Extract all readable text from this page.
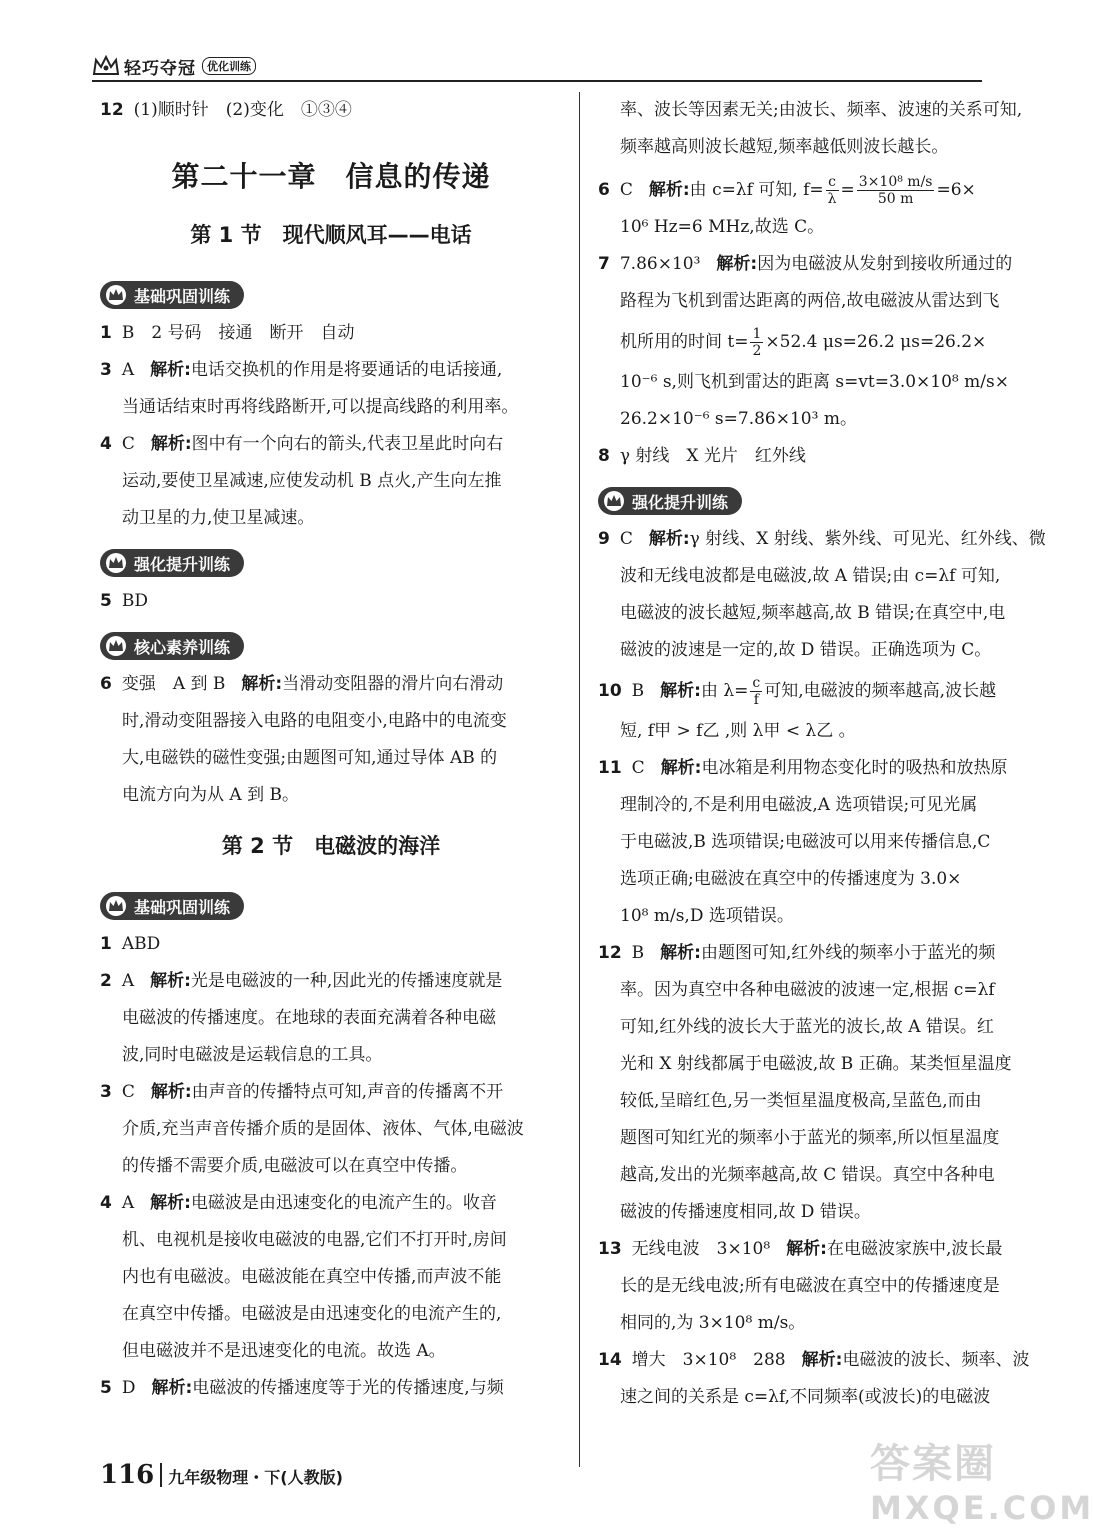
轻巧夺冠	优化训练

12 (1)顺时针　(2)变化　①③④

第二十一章　信息的传递
第 1 节　现代顺风耳——电话
基础巩固训练

1 B　2 号码　接通　断开　自动

3 A 解析:电话交换机的作用是将要通话的电话接通,

当通话结束时再将线路断开,可以提高线路的利用率。

4 C 解析:图中有一个向右的箭头,代表卫星此时向右

运动,要使卫星减速,应使发动机 B 点火,产生向左推

动卫星的力,使卫星减速。

强化提升训练

5 BD

核心素养训练

6 变强　A 到 B 解析:当滑动变阻器的滑片向右滑动

时,滑动变阻器接入电路的电阻变小,电路中的电流变

大,电磁铁的磁性变强;由题图可知,通过导体 AB 的

电流方向为从 A 到 B。

第 2 节　电磁波的海洋
基础巩固训练

1 ABD

2 A 解析:光是电磁波的一种,因此光的传播速度就是

电磁波的传播速度。在地球的表面充满着各种电磁

波,同时电磁波是运载信息的工具。

3 C 解析:由声音的传播特点可知,声音的传播离不开

介质,充当声音传播介质的是固体、液体、气体,电磁波

的传播不需要介质,电磁波可以在真空中传播。

4 A 解析:电磁波是由迅速变化的电流产生的。收音

机、电视机是接收电磁波的电器,它们不打开时,房间

内也有电磁波。电磁波能在真空中传播,而声波不能

在真空中传播。电磁波是由迅速变化的电流产生的,

但电磁波并不是迅速变化的电流。故选 A。

5 D 解析:电磁波的传播速度等于光的传播速度,与频

率、波长等因素无关;由波长、频率、波速的关系可知,

频率越高则波长越短,频率越低则波长越长。

6 C 解析:由 c=λf 可知, $f= \frac{c}{\lambda} = \frac{\text{3×10⁸ m/s}}{50 m} =6\times$

10⁶ Hz=6 MHz,故选 C。

7 7.86×10³ 解析:因为电磁波从发射到接收所通过的

路程为飞机到雷达距离的两倍,故电磁波从雷达到飞

机所用的时间 $t= \frac{1}{2} \times 52.4$ μs=26.2 μs=26.2×

10⁻⁶ s,则飞机到雷达的距离 s=vt=3.0×10⁸ m/s×

26.2×10⁻⁶ s=7.86×10³ m。

8 γ 射线　X 光片　红外线

强化提升训练

9 C 解析:γ 射线、X 射线、紫外线、可见光、红外线、微

波和无线电波都是电磁波,故 A 错误;由 c=λf 可知,

电磁波的波长越短,频率越高,故 B 错误;在真空中,电

磁波的波速是一定的,故 D 错误。正确选项为 C。

10 B 解析:由 $\lambda= \frac{c}{f}$ 可知,电磁波的频率越高,波长越

短, f甲 > f乙 ,则 λ甲 < λ乙 。

11 C 解析:电冰箱是利用物态变化时的吸热和放热原

理制冷的,不是利用电磁波,A 选项错误;可见光属

于电磁波,B 选项错误;电磁波可以用来传播信息,C

选项正确;电磁波在真空中的传播速度为 3.0×

10⁸ m/s,D 选项错误。

12 B 解析:由题图可知,红外线的频率小于蓝光的频

率。因为真空中各种电磁波的波速一定,根据 c=λf

可知,红外线的波长大于蓝光的波长,故 A 错误。红

光和 X 射线都属于电磁波,故 B 正确。某类恒星温度

较低,呈暗红色,另一类恒星温度极高,呈蓝色,而由

题图可知红光的频率小于蓝光的频率,所以恒星温度

越高,发出的光频率越高,故 C 错误。真空中各种电

磁波的传播速度相同,故 D 错误。

13 无线电波　3×10⁸ 解析:在电磁波家族中,波长最

长的是无线电波;所有电磁波在真空中的传播速度是

相同的,为 3×10⁸ m/s。

14 增大　3×10⁸　288 解析:电磁波的波长、频率、波

速之间的关系是 c=λf,不同频率(或波长)的电磁波

116 九年级物理・下(人教版)	答案圈
MXQE.COM
